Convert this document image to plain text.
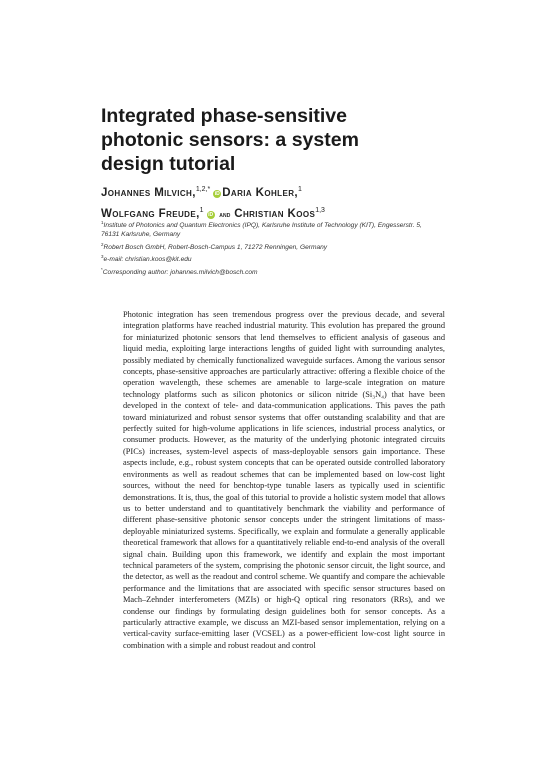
Integrated phase-sensitive photonic sensors: a system design tutorial
Johannes Milvich,$^{1,2,*}$iD Daria Kohler,$^1$
Wolfgang Freude,$^1$iD and Christian Koos$^{1,3}$

$^1$Institute of Photonics and Quantum Electronics (IPQ), Karlsruhe Institute of Technology (KIT), Engesserstr. 5, 76131 Karlsruhe, Germany

$^2$Robert Bosch GmbH, Robert-Bosch-Campus 1, 71272 Renningen, Germany

$^3$e-mail: christian.koos@kit.edu

*Corresponding author: johannes.milvich@bosch.com

Photonic integration has seen tremendous progress over the previous decade, and several integration platforms have reached industrial maturity. This evolution has prepared the ground for miniaturized photonic sensors that lend themselves to efficient analysis of gaseous and liquid media, exploiting large interactions lengths of guided light with surrounding analytes, possibly mediated by chemically functionalized waveguide surfaces. Among the various sensor concepts, phase-sensitive approaches are particularly attractive: offering a flexible choice of the operation wavelength, these schemes are amenable to large-scale integration on mature technology platforms such as silicon photonics or silicon nitride (Si₃N₄) that have been developed in the context of tele- and data-communication applications. This paves the path toward miniaturized and robust sensor systems that offer outstanding scalability and that are perfectly suited for high-volume applications in life sciences, industrial process analytics, or consumer products. However, as the maturity of the underlying photonic integrated circuits (PICs) increases, system-level aspects of mass-deployable sensors gain importance. These aspects include, e.g., robust system concepts that can be operated outside controlled laboratory environments as well as readout schemes that can be implemented based on low-cost light sources, without the need for benchtop-type tunable lasers as typically used in scientific demonstrations. It is, thus, the goal of this tutorial to provide a holistic system model that allows us to better understand and to quantitatively benchmark the viability and performance of different phase-sensitive photonic sensor concepts under the stringent limitations of mass-deployable miniaturized systems. Specifically, we explain and formulate a generally applicable theoretical framework that allows for a quantitatively reliable end-to-end analysis of the overall signal chain. Building upon this framework, we identify and explain the most important technical parameters of the system, comprising the photonic sensor circuit, the light source, and the detector, as well as the readout and control scheme. We quantify and compare the achievable performance and the limitations that are associated with specific sensor structures based on Mach–Zehnder interferometers (MZIs) or high-Q optical ring resonators (RRs), and we condense our findings by formulating design guidelines both for sensor concepts. As a particularly attractive example, we discuss an MZI-based sensor implementation, relying on a vertical-cavity surface-emitting laser (VCSEL) as a power-efficient low-cost light source in combination with a simple and robust readout and control
